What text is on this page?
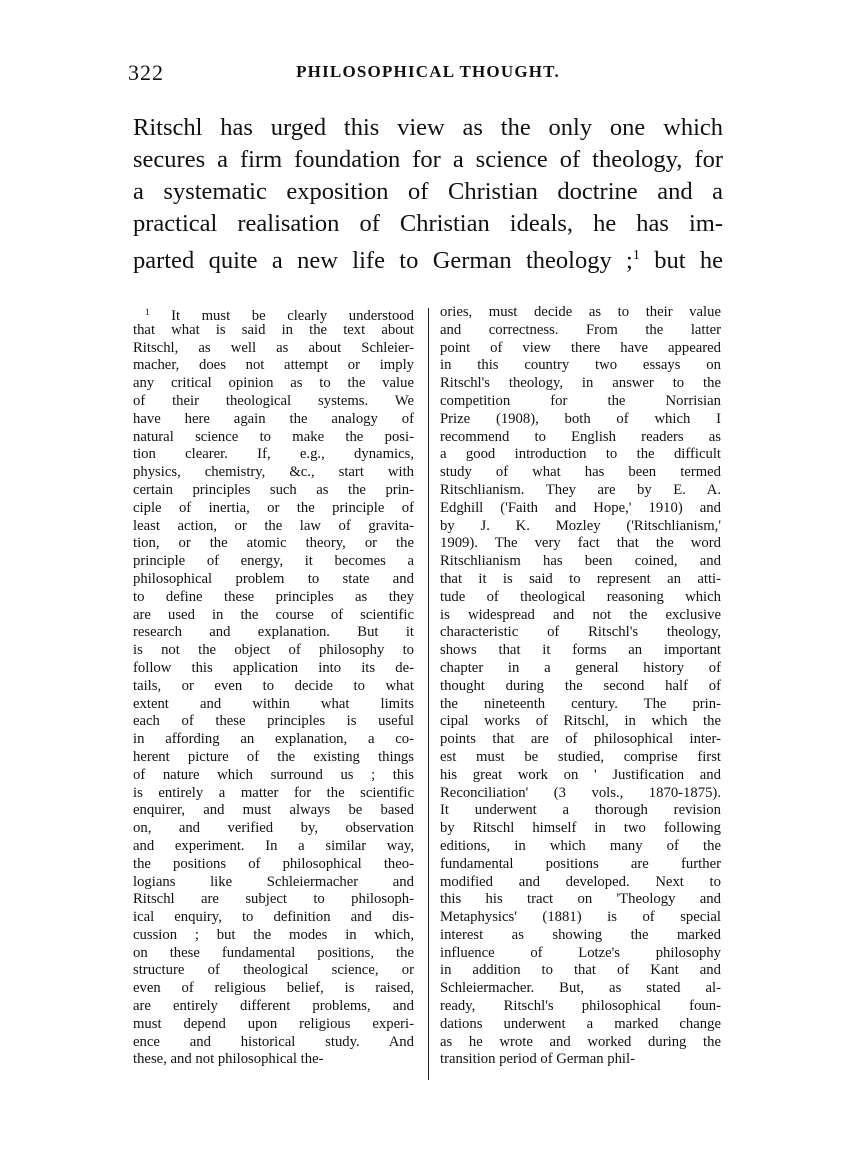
322	PHILOSOPHICAL THOUGHT.
Ritschl has urged this view as the only one which
secures a firm foundation for a science of theology, for
a systematic exposition of Christian doctrine and a
practical realisation of Christian ideals, he has im-
parted quite a new life to German theology ;$^1$ but he
$^1$ It must be clearly understood
that what is said in the text about
Ritschl, as well as about Schleier-
macher, does not attempt or imply
any critical opinion as to the value
of their theological systems. We
have here again the analogy of
natural science to make the posi-
tion clearer. If, e.g., dynamics,
physics, chemistry, &c., start with
certain principles such as the prin-
ciple of inertia, or the principle of
least action, or the law of gravita-
tion, or the atomic theory, or the
principle of energy, it becomes a
philosophical problem to state and
to define these principles as they
are used in the course of scientific
research and explanation. But it
is not the object of philosophy to
follow this application into its de-
tails, or even to decide to what
extent and within what limits
each of these principles is useful
in affording an explanation, a co-
herent picture of the existing things
of nature which surround us ; this
is entirely a matter for the scientific
enquirer, and must always be based
on, and verified by, observation
and experiment. In a similar way,
the positions of philosophical theo-
logians like Schleiermacher and
Ritschl are subject to philosoph-
ical enquiry, to definition and dis-
cussion ; but the modes in which,
on these fundamental positions, the
structure of theological science, or
even of religious belief, is raised,
are entirely different problems, and
must depend upon religious experi-
ence and historical study. And
these, and not philosophical the-
ories, must decide as to their value
and correctness. From the latter
point of view there have appeared
in this country two essays on
Ritschl's theology, in answer to the
competition for the Norrisian
Prize (1908), both of which I
recommend to English readers as
a good introduction to the difficult
study of what has been termed
Ritschlianism. They are by E. A.
Edghill ('Faith and Hope,' 1910) and
by J. K. Mozley ('Ritschlianism,'
1909). The very fact that the word
Ritschlianism has been coined, and
that it is said to represent an atti-
tude of theological reasoning which
is widespread and not the exclusive
characteristic of Ritschl's theology,
shows that it forms an important
chapter in a general history of
thought during the second half of
the nineteenth century. The prin-
cipal works of Ritschl, in which the
points that are of philosophical inter-
est must be studied, comprise first
his great work on ' Justification and
Reconciliation' (3 vols., 1870-1875).
It underwent a thorough revision
by Ritschl himself in two following
editions, in which many of the
fundamental positions are further
modified and developed. Next to
this his tract on 'Theology and
Metaphysics' (1881) is of special
interest as showing the marked
influence of Lotze's philosophy
in addition to that of Kant and
Schleiermacher. But, as stated al-
ready, Ritschl's philosophical foun-
dations underwent a marked change
as he wrote and worked during the
transition period of German phil-
